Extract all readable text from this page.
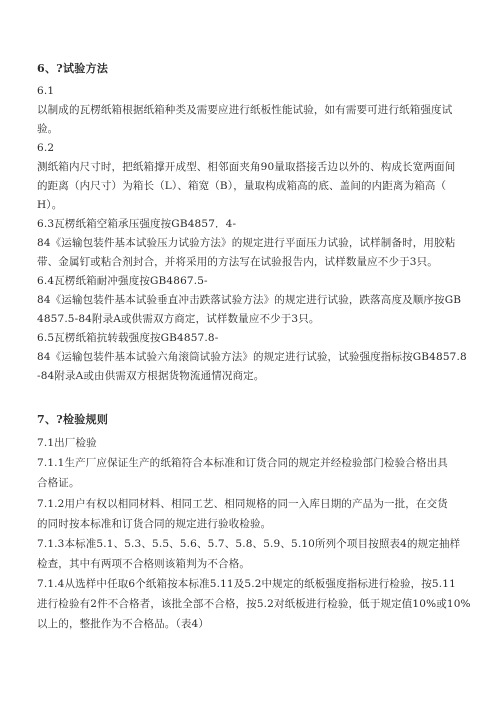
6、?试验方法
6.1
以制成的瓦楞纸箱根据纸箱种类及需要应进行纸板性能试验，如有需要可进行纸箱强度试
验。
6.2
测纸箱内尺寸时，把纸箱撑开成型、相邻面夹角90量取搭接舌边以外的、构成长宽两面间
的距离（内尺寸）为箱长（L）、箱宽（B），量取构成箱高的底、盖间的内距离为箱高（
H）。
6.3瓦楞纸箱空箱承压强度按GB4857．4-
84《运输包装件基本试验压力试验方法》的规定进行平面压力试验，试样制备时，用胶粘
带、金属钉或粘合剂封合，并将采用的方法写在试验报告内，试样数量应不少于3只。
6.4瓦楞纸箱耐冲强度按GB4867.5-
84《运输包装件基本试验垂直冲击跌落试验方法》的规定进行试验，跌落高度及顺序按GB
4857.5-84附录A或供需双方商定，试样数量应不少于3只。
6.5瓦楞纸箱抗转载强度按GB4857.8-
84《运输包装件基本试验六角滚筒试验方法》的规定进行试验，试验强度指标按GB4857.8
-84附录A或由供需双方根据货物流通情况商定。
7、?检验规则
7.1出厂检验
7.1.1生产厂应保证生产的纸箱符合本标准和订货合同的规定并经检验部门检验合格出具
合格证。
7.1.2用户有权以相同材料、相同工艺、相同规格的同一入库日期的产品为一批，在交货
的同时按本标准和订货合同的规定进行验收检验。
7.1.3本标准5.1、5.3、5.5、5.6、5.7、5.8、5.9、5.10所列个项目按照表4的规定抽样
检查，其中有两项不合格则该箱判为不合格。
7.1.4从选样中任取6个纸箱按本标准5.11及5.2中规定的纸板强度指标进行检验，按5.11
进行检验有2件不合格者，该批全部不合格，按5.2对纸板进行检验，低于规定值10%或10%
以上的，整批作为不合格品。（表4）
